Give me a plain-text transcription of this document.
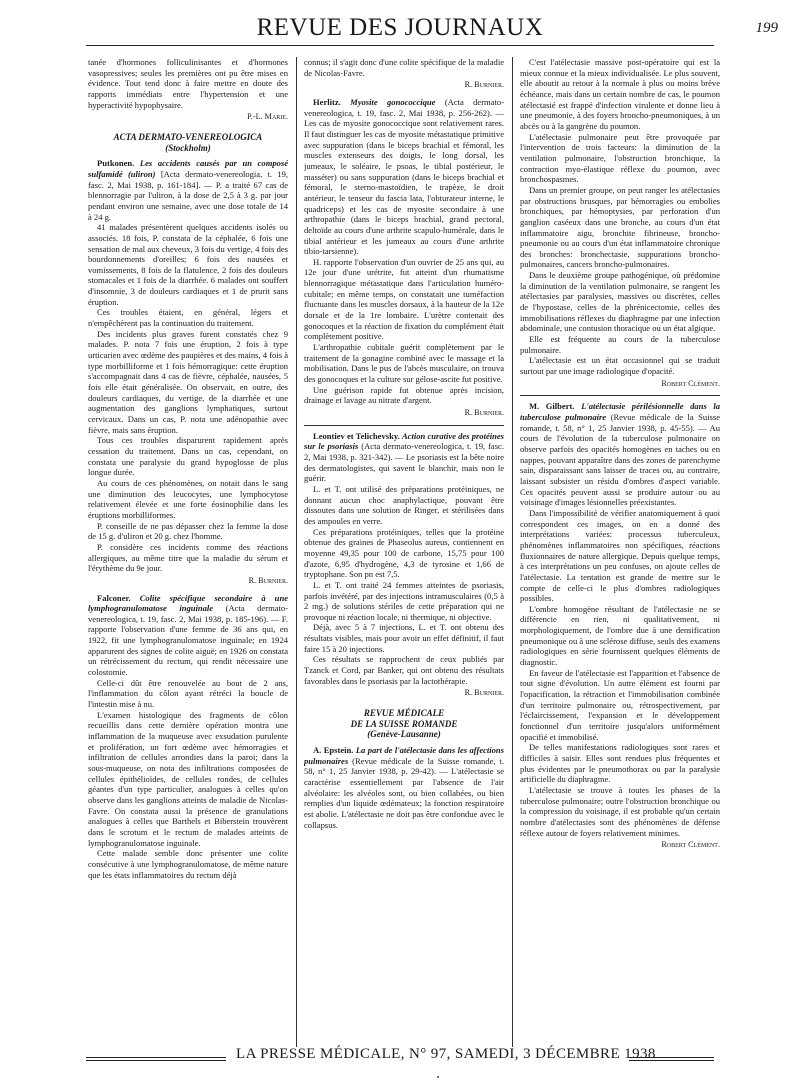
REVUE DES JOURNAUX	199

tanée d'hormones folliculinisantes et d'hormones vasopressives; seules les premières ont pu être mises en évidence. Tout tend donc à faire mettre en doute des rapports immédiats entre l'hypertension et une hyperactivité hypophysaire.

P.-L. Marie.
ACTA DERMATO-VENEREOLOGICA
(Stockholm)

Putkonen. Les accidents causés par un composé sulfamidé (uliron) [Acta dermato-venereologia, t. 19, fasc. 2, Mai 1938, p. 161-184]. — P. a traité 67 cas de blennorragie par l'uliron, à la dose de 2,5 à 3 g. par jour pendant environ une semaine, avec une dose totale de 14 à 24 g.

41 malades présentèrent quelques accidents isolés ou associés. 18 fois, P. constata de la céphalée, 6 fois une sensation de mal aux cheveux, 3 fois du vertige, 4 fois des bourdonnements d'oreilles; 6 fois des nausées et vomissements, 8 fois de la flatulence, 2 fois des douleurs stomacales et 1 fois de la diarrhée. 6 malades ont souffert d'insomnie, 3 de douleurs cardiaques et 1 de prurit sans éruption.

Ces troubles étaient, en général, légers et n'empêchèrent pas la continuation du traitement.

Des incidents plus graves furent constatés chez 9 malades. P. nota 7 fois une éruption, 2 fois à type urticarien avec œdème des paupières et des mains, 4 fois à type morbilliforme et 1 fois hémorragique: cette éruption s'accompagnait dans 4 cas de fièvre, céphalée, nausées, 5 fois elle était généralisée. On observait, en outre, des douleurs cardiaques, du vertige, de la diarrhée et une augmentation des ganglions lymphatiques, surtout cervicaux. Dans un cas, P. nota une adénopathie avec fièvre, mais sans éruption.

Tous ces troubles disparurent rapidement après cessation du traitement. Dans un cas, cependant, on constata une paralysie du grand hypoglosse de plus longue durée.

Au cours de ces phénomènes, on notait dans le sang une diminution des leucocytes, une lymphocytose relativement élevée et une forte éosinophilie dans les éruptions morbilliformes.

P. conseille de ne pas dépasser chez la femme la dose de 15 g. d'uliron et 20 g. chez l'homme.

P. considère ces incidents comme des réactions allergiques, au même titre que la maladie du sérum et l'érythème du 9e jour.

R. Burnier.

Falconer. Colite spécifique secondaire à une lymphogranulomatose inguinale (Acta dermato-venereologica, t. 19, fasc. 2, Mai 1938, p. 185-196). — F. rapporte l'observation d'une femme de 36 ans qui, en 1922, fit une lymphogranulomatose inguinale; en 1924 apparurent des signes de colite aiguë; en 1926 on constata un rétrécissement du rectum, qui rendit nécessaire une colostomie.

Celle-ci dût être renouvelée au bout de 2 ans, l'inflammation du côlon ayant rétréci la boucle de l'intestin mise à nu.

L'examen histologique des fragments de côlon recueillis dans cette dernière opération montra une inflammation de la muqueuse avec exsudation purulente et prolifération, un fort œdème avec hémorragies et infiltration de cellules arrondies dans la paroi; dans la sous-muqueuse, on nota des infiltrations composées de cellules épithélioïdes, de cellules rondes, de cellules géantes d'un type particulier, analogues à celles qu'on observe dans les ganglions atteints de maladie de Nicolas-Favre. On constata aussi la présence de granulations analogues à celles que Barthels et Biberstein trouvèrent dans le scrotum et le rectum de malades atteints de lymphogranulomatose inguinale.

Cette malade semble donc présenter une colite consécutive à une lymphogranulomatose, de même nature que les états inflammatoires du rectum déjà

connus; il s'agit donc d'une colite spécifique de la maladie de Nicolas-Favre.

R. Burnier.

Herlitz. Myosite gonococcique (Acta dermato-venereologica, t. 19, fasc. 2, Mai 1938, p. 256-262). — Les cas de myosite gonococcique sont relativement rares. Il faut distinguer les cas de myosite métastatique primitive avec suppuration (dans le biceps brachial et fémoral, les muscles extenseurs des doigts, le long dorsal, les jumeaux, le soléaire, le psoas, le tibial postérieur, le masséter) ou sans suppuration (dans le biceps brachial et fémoral, le sterno-mastoïdien, le trapèze, le droit antérieur, le tenseur du fascia lata, l'obturateur interne, le quadriceps) et les cas de myosite secondaire à une arthropathie (dans le biceps brachial, grand pectoral, deltoïde au cours d'une arthrite scapulo-humérale, dans le tibial antérieur et les jumeaux au cours d'une arthrite tibio-tarsienne).

H. rapporte l'observation d'un ouvrier de 25 ans qui, au 12e jour d'une urétrite, fut atteint d'un rhumatisme blennorragique métastatique dans l'articulation huméro-cubitale; en même temps, on constatait une tuméfaction fluctuante dans les muscles dorsaux, à la hauteur de la 12e dorsale et de la 1re lombaire. L'urètre contenait des gonocoques et la réaction de fixation du complément était complètement positive.

L'arthropathie cubitale guérit complètement par le traitement de la gonagine combiné avec le massage et la mobilisation. Dans le pus de l'abcès musculaire, on trouva des gonocoques et la culture sur gélose-ascite fut positive.

Une guérison rapide fut obtenue après incision, drainage et lavage au nitrate d'argent.

R. Burnier.

Leontiev et Telichevsky. Action curative des protéines sur le psoriasis (Acta dermato-venereologica, t. 19, fasc. 2, Mai 1938, p. 321-342). — Le psoriasis est la bête noire des dermatologistes, qui savent le blanchir, mais non le guérir.

L. et T. ont utilisé des préparations protéiniques, ne donnant aucun choc anaphylactique, pouvant être dissoutes dans une solution de Ringer, et stérilisées dans des ampoules en verre.

Ces préparations protéiniques, telles que la protéine obtenue des graines de Phaseolus aureus, contiennent en moyenne 49,35 pour 100 de carbone, 15,75 pour 100 d'azote, 6,95 d'hydrogène, 4,3 de tyrosine et 1,66 de tryptophane. Son pn est 7,5.

L. et T. ont traité 24 femmes atteintes de psoriasis, parfois invétéré, par des injections intramusculaires (0,5 à 2 mg.) de solutions stériles de cette préparation qui ne provoque ni réaction locale, ni thermique, ni objective.

Déjà, avec 5 à 7 injections, L. et T. ont obtenu des résultats visibles, mais pour avoir un effet définitif, il faut faire 15 à 20 injections.

Ces résultats se rapprochent de ceux publiés par Tzanck et Cord, par Banker, qui ont obtenu des résultats favorables dans le psoriasis par la lactothérapie.

R. Burnier.
REVUE MÉDICALE
DE LA SUISSE ROMANDE
(Genève-Lausanne)

A. Epstein. La part de l'atélectasie dans les affections pulmonaires (Revue médicale de la Suisse romande, t. 58, n° 1, 25 Janvier 1938, p. 29-42). — L'atélectasie se caractérise essentiellement par l'absence de l'air alvéolaire: les alvéoles sont, ou bien collabées, ou bien remplies d'un liquide œdémateux; la fonction respiratoire est abolie. L'atélectasie ne doit pas être confondue avec le collapsus.

C'est l'atélectasie massive post-opératoire qui est la mieux connue et la mieux individualisée. Le plus souvent, elle aboutit au retour à la normale à plus ou moins brève échéance, mais dans un certain nombre de cas, le poumon atélectasié est frappé d'infection virulente et donne lieu à une pneumonie, à des foyers broncho-pneumoniques, à un abcès ou à la gangrène du poumon.

L'atélectasie pulmonaire peut être provoquée par l'intervention de trois facteurs: la diminution de la ventilation pulmonaire, l'obstruction bronchique, la contraction myo-élastique réflexe du poumon, avec bronchospasmes.

Dans un premier groupe, on peut ranger les atélectasies par obstructions brusques, par hémorragies ou embolies bronchiques, par hémoptysies, par perforation d'un ganglion caséeux dans une bronche, au cours d'un état inflammatoire aigu, bronchite fibrineuse, broncho-pneumonie ou au cours d'un état inflammatoire chronique des bronches: bronchectasie, suppurations broncho-pulmonaires, cancers broncho-pulmonaires.

Dans le deuxième groupe pathogénique, où prédomine la diminution de la ventilation pulmonaire, se rangent les atélectasies par paralysies, massives ou discrètes, celles de l'hypostase, celles de la phrénicectomie, celles des immobilisations réflexes du diaphragme par une infection abdominale, une contusion thoracique ou un état algique.

Elle est fréquente au cours de la tuberculose pulmonaire.

L'atélectasie est un état occasionnel qui se traduit surtout par une image radiologique d'opacité.

Robert Clément.

M. Gilbert. L'atélectasie périlésionnelle dans la tuberculose pulmonaire (Revue médicale de la Suisse romande, t. 58, n° 1, 25 Janvier 1938, p. 45-55). — Au cours de l'évolution de la tuberculose pulmonaire on observe parfois des opacités homogènes en taches ou en nappes, pouvant apparaître dans des zones de parenchyme sain, disparaissant sans laisser de traces ou, au contraire, laissant subsister un résidu d'ombres d'aspect variable. Ces opacités peuvent aussi se produire autour ou au voisinage d'images lésionnelles préexistantes.

Dans l'impossibilité de vérifier anatomiquement à quoi correspondent ces images, on en a donné des interprétations variées: processus tuberculeux, phénomènes inflammatoires non spécifiques, réactions fluxionnaires de nature allergique. Depuis quelque temps, à ces interprétations un peu confuses, on ajoute celles de l'atélectasie. La tentation est grande de mettre sur le compte de celle-ci le plus d'ombres radiologiques possibles.

L'ombre homogène résultant de l'atélectasie ne se différencie en rien, ni qualitativement, ni morphologiquement, de l'ombre due à une densification pneumonique ou à une sclérose diffuse, seuls des examens radiologiques en série fournissent quelques éléments de diagnostic.

En faveur de l'atélectasie est l'apparition et l'absence de tout signe d'évolution. Un autre élément est fourni par l'opacification, la rétraction et l'immobilisation combinée d'un territoire pulmonaire ou, rétrospectivement, par l'éclaircissement, l'expansion et le développement fonctionnel d'un territoire jusqu'alors uniformément opacifié et immobilisé.

De telles manifestations radiologiques sont rares et difficiles à saisir. Elles sont rendues plus fréquentes et plus évidentes par le pneumothorax ou par la paralysie artificielle du diaphragme.

L'atélectasie se trouve à toutes les phases de la tuberculose pulmonaire; outre l'obstruction bronchique ou la compression du voisinage, il est probable qu'un certain nombre d'atélectasies sont des phénomènes de défense réflexe autour de foyers relativement minimes.

Robert Clément.
LA PRESSE MÉDICALE, N° 97, SAMEDI, 3 DÉCEMBRE 1938
